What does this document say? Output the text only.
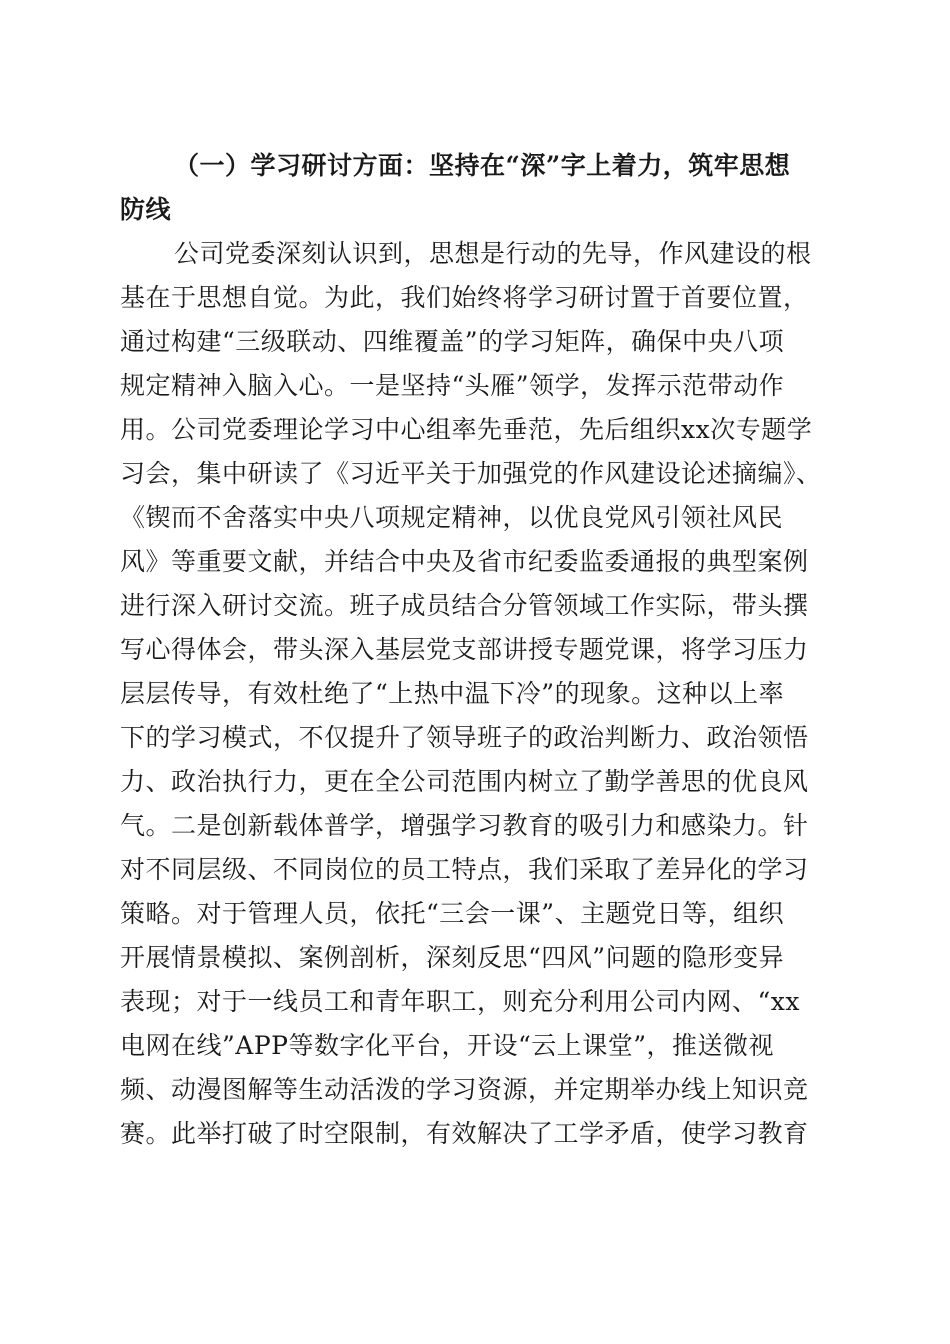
（一）学习研讨方面：坚持在“深”字上着力，筑牢思想
防线
公司党委深刻认识到，思想是行动的先导，作风建设的根
基在于思想自觉。为此，我们始终将学习研讨置于首要位置，
通过构建“三级联动、四维覆盖”的学习矩阵，确保中央八项
规定精神入脑入心。一是坚持“头雁”领学，发挥示范带动作
用。公司党委理论学习中心组率先垂范，先后组织xx次专题学
习会，集中研读了《习近平关于加强党的作风建设论述摘编》、
《锲而不舍落实中央八项规定精神，以优良党风引领社风民
风》等重要文献，并结合中央及省市纪委监委通报的典型案例
进行深入研讨交流。班子成员结合分管领域工作实际，带头撰
写心得体会，带头深入基层党支部讲授专题党课，将学习压力
层层传导，有效杜绝了“上热中温下冷”的现象。这种以上率
下的学习模式，不仅提升了领导班子的政治判断力、政治领悟
力、政治执行力，更在全公司范围内树立了勤学善思的优良风
气。二是创新载体普学，增强学习教育的吸引力和感染力。针
对不同层级、不同岗位的员工特点，我们采取了差异化的学习
策略。对于管理人员，依托“三会一课”、主题党日等，组织
开展情景模拟、案例剖析，深刻反思“四风”问题的隐形变异
表现；对于一线员工和青年职工，则充分利用公司内网、“xx
电网在线”APP等数字化平台，开设“云上课堂”，推送微视
频、动漫图解等生动活泼的学习资源，并定期举办线上知识竞
赛。此举打破了时空限制，有效解决了工学矛盾，使学习教育
